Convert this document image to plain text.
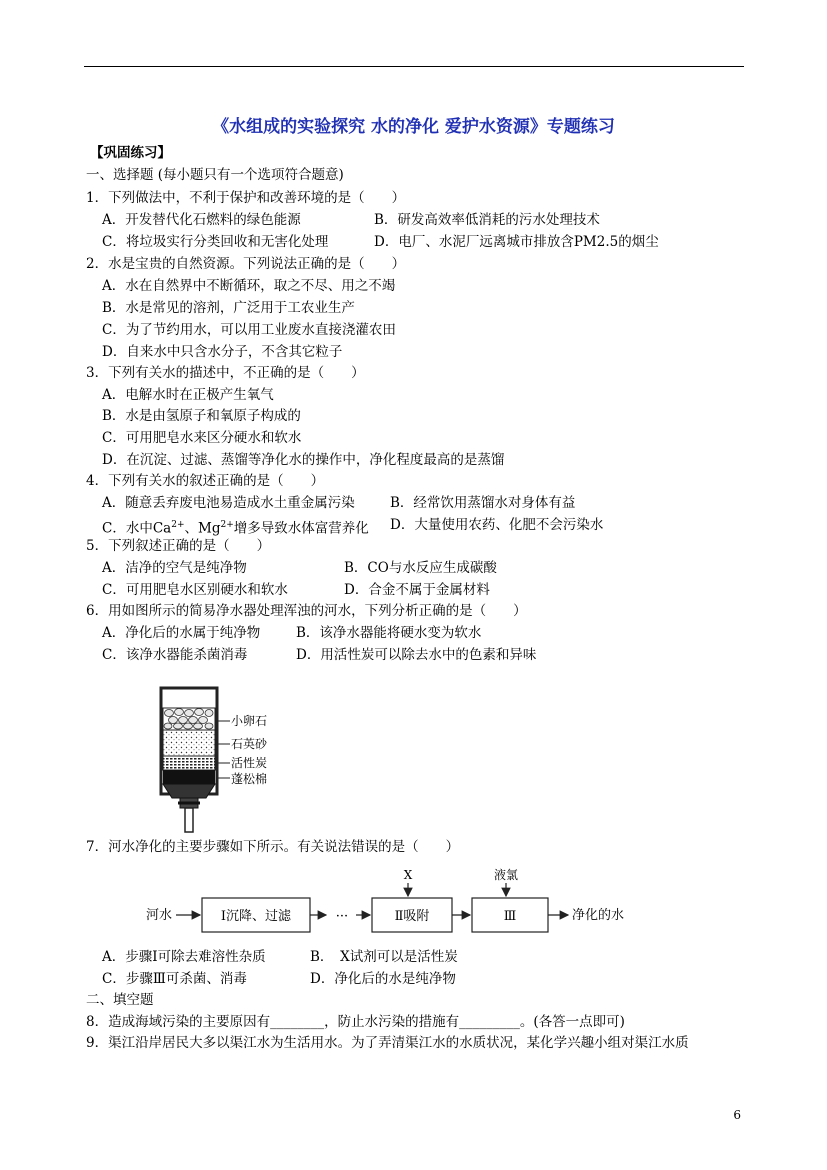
《水组成的实验探究 水的净化 爱护水资源》专题练习
【巩固练习】
一、选择题 (每小题只有一个选项符合题意)
1．下列做法中，不利于保护和改善环境的是（　　）
A．开发替代化石燃料的绿色能源	B．研发高效率低消耗的污水处理技术
C．将垃圾实行分类回收和无害化处理	D．电厂、水泥厂远离城市排放含PM2.5的烟尘
2．水是宝贵的自然资源。下列说法正确的是（　　）
A．水在自然界中不断循环，取之不尽、用之不竭
B．水是常见的溶剂，广泛用于工农业生产
C．为了节约用水，可以用工业废水直接浇灌农田
D．自来水中只含水分子，不含其它粒子
3．下列有关水的描述中，不正确的是（　　）
A．电解水时在正极产生氧气
B．水是由氢原子和氧原子构成的
C．可用肥皂水来区分硬水和软水
D．在沉淀、过滤、蒸馏等净化水的操作中，净化程度最高的是蒸馏
4．下列有关水的叙述正确的是（　　）
A．随意丢弃废电池易造成水土重金属污染	B．经常饮用蒸馏水对身体有益
C．水中$Ca^{2+}$、$Mg^{2+}$增多导致水体富营养化 D．大量使用农药、化肥不会污染水
5．下列叙述正确的是（　　）
A．洁净的空气是纯净物	B．CO与水反应生成碳酸
C．可用肥皂水区别硬水和软水	D．合金不属于金属材料
6．用如图所示的简易净水器处理浑浊的河水，下列分析正确的是（　　）
A．净化后的水属于纯净物	B．该净水器能将硬水变为软水
C．该净水器能杀菌消毒	D．用活性炭可以除去水中的色素和异味
小卵石
石英砂
活性炭
蓬松棉
7．河水净化的主要步骤如下所示。有关说法错误的是（　　）
河水	Ⅰ沉降、过滤	···	Ⅱ吸附
X
Ⅲ
液氯
净化的水
A．步骤Ⅰ可除去难溶性杂质	B．　X试剂可以是活性炭
C．步骤Ⅲ可杀菌、消毒	D．净化后的水是纯净物
二、填空题
8．造成海域污染的主要原因有________，防止水污染的措施有_________。(各答一点即可)
9．渠江沿岸居民大多以渠江水为生活用水。为了弄清渠江水的水质状况，某化学兴趣小组对渠江水质
6
